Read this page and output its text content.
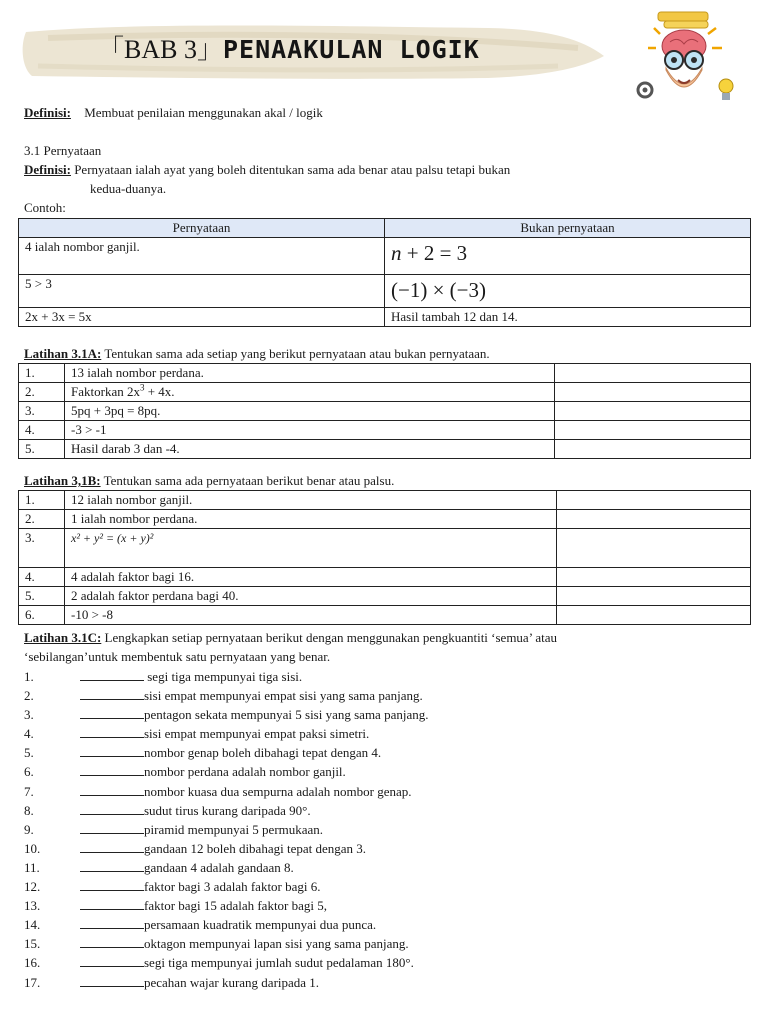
「BAB 3」PENAAKULAN LOGIK
Definisi: Membuat penilaian menggunakan akal / logik
3.1 Pernyataan
Definisi: Pernyataan ialah ayat yang boleh ditentukan sama ada benar atau palsu tetapi bukan
kedua-duanya.
Contoh:
Pernyataan	Bukan pernyataan
4 ialah nombor ganjil.	n + 2 = 3
5 > 3	(−1) × (−3)
2x + 3x = 5x	Hasil tambah 12 dan 14.
Latihan 3.1A: Tentukan sama ada setiap yang berikut pernyataan atau bukan pernyataan.
1.	13 ialah nombor perdana.	
2.	Faktorkan $2x^3 + 4x$.	
3.	5pq + 3pq = 8pq.	
4.	-3 > -1	
5.	Hasil darab 3 dan -4.	
Latihan 3,1B: Tentukan sama ada pernyataan berikut benar atau palsu.
1.	12 ialah nombor ganjil.	
2.	1 ialah nombor perdana.	
3.	x² + y² = (x + y)²	
4.	4 adalah faktor bagi 16.	
5.	2 adalah faktor perdana bagi 40.	
6.	-10 > -8	
Latihan 3.1C: Lengkapkan setiap pernyataan berikut dengan menggunakan pengkuantiti ‘semua’ atau
‘sebilangan’untuk membentuk satu pernyataan yang benar.
1.	segi tiga mempunyai tiga sisi.
2.	sisi empat mempunyai empat sisi yang sama panjang.
3.	pentagon sekata mempunyai 5 sisi yang sama panjang.
4.	sisi empat mempunyai empat paksi simetri.
5.	nombor genap boleh dibahagi tepat dengan 4.
6.	nombor perdana adalah nombor ganjil.
7.	nombor kuasa dua sempurna adalah nombor genap.
8.	sudut tirus kurang daripada 90°.
9.	piramid mempunyai 5 permukaan.
10.	gandaan 12 boleh dibahagi tepat dengan 3.
11.	gandaan 4 adalah gandaan 8.
12.	faktor bagi 3 adalah faktor bagi 6.
13.	faktor bagi 15 adalah faktor bagi 5,
14.	persamaan kuadratik mempunyai dua punca.
15.	oktagon mempunyai lapan sisi yang sama panjang.
16.	segi tiga mempunyai jumlah sudut pedalaman 180°.
17.	pecahan wajar kurang daripada 1.
